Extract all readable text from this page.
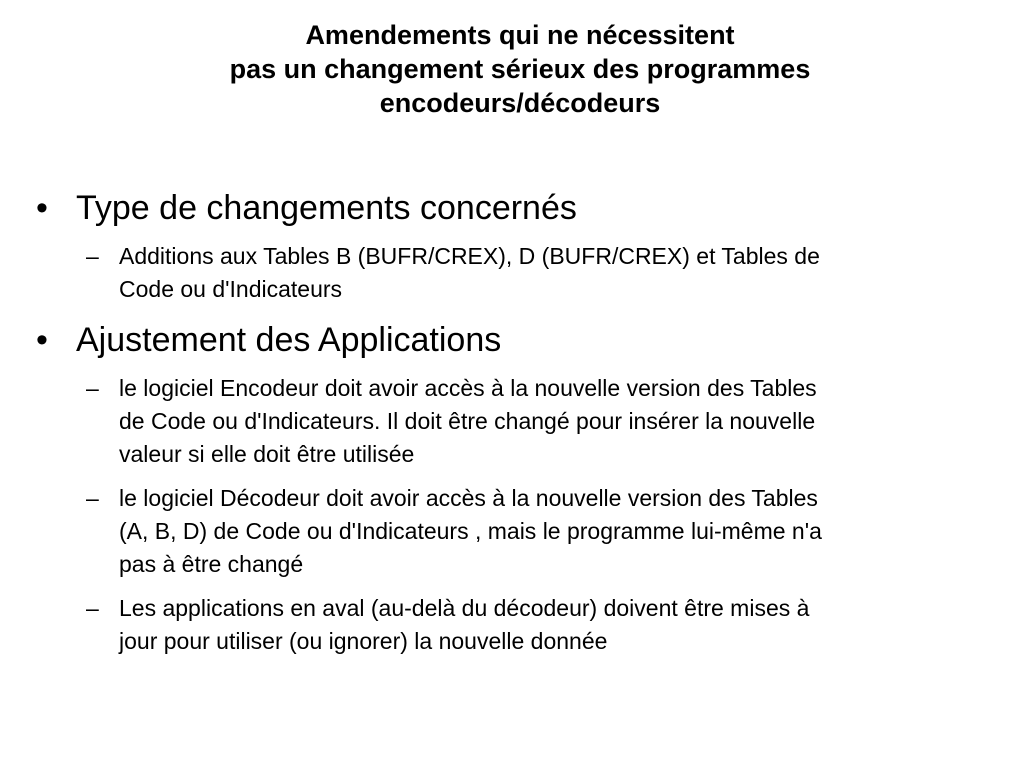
Amendements qui ne nécessitent
pas un changement sérieux des programmes
encodeurs/décodeurs
• Type de changements concernés
– Additions aux Tables B (BUFR/CREX), D (BUFR/CREX) et Tables de
Code ou d'Indicateurs
• Ajustement des Applications
– le logiciel Encodeur doit avoir accès à la nouvelle version des Tables
de Code ou d'Indicateurs. Il doit être changé pour insérer la nouvelle
valeur si elle doit être utilisée
– le logiciel Décodeur doit avoir accès à la nouvelle version des Tables
(A, B, D) de Code ou d'Indicateurs , mais le programme lui-même n'a
pas à être changé
– Les applications en aval (au-delà du décodeur) doivent être mises à
jour pour utiliser (ou ignorer) la nouvelle donnée
